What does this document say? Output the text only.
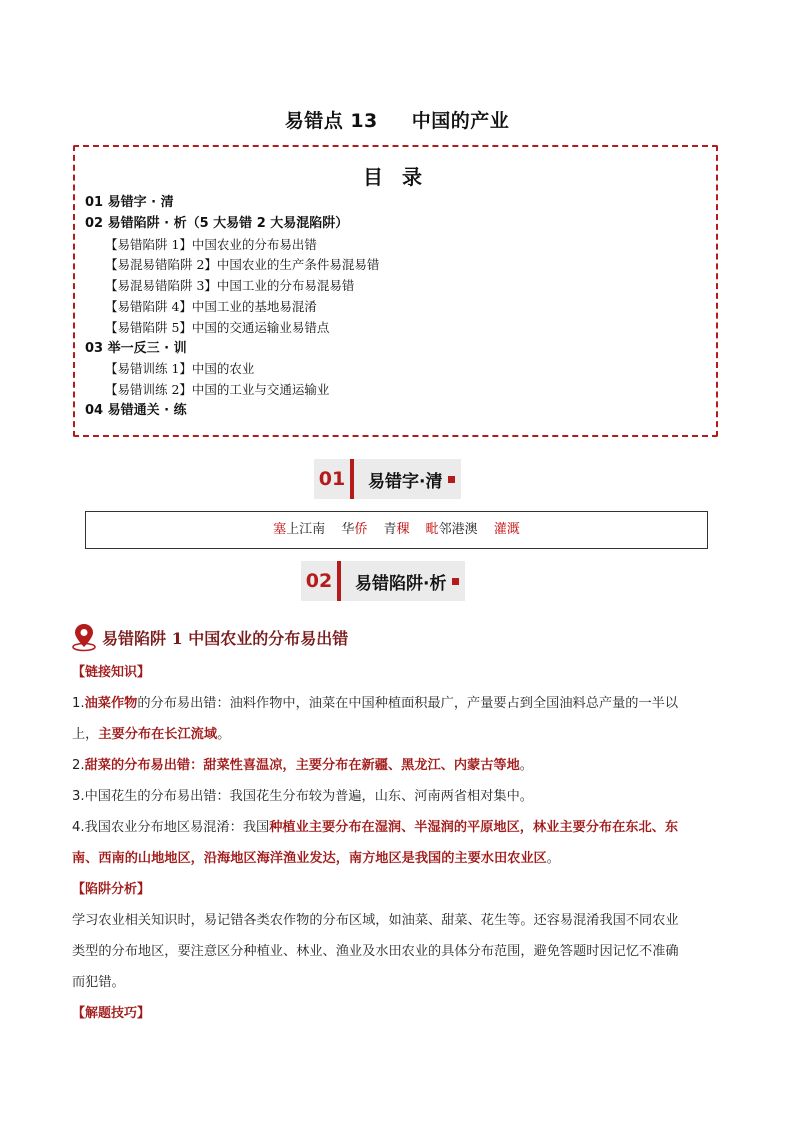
易错点 13 中国的产业
目 录
01 易错字 · 清
02 易错陷阱 · 析（5 大易错 2 大易混陷阱）
【易错陷阱 1】中国农业的分布易出错
【易混易错陷阱 2】中国农业的生产条件易混易错
【易混易错陷阱 3】中国工业的分布易混易错
【易错陷阱 4】中国工业的基地易混淆
【易错陷阱 5】中国的交通运输业易错点
03 举一反三 · 训
【易错训练 1】中国的农业
【易错训练 2】中国的工业与交通运输业
04 易错通关 · 练
01	易错字·清
塞上江南 华侨 青稞 毗邻港澳 灌溉
02	易错陷阱·析
易错陷阱 1 中国农业的分布易出错

【链接知识】

1.油菜作物的分布易出错：油料作物中，油菜在中国种植面积最广，产量要占到全国油料总产量的一半以
上，主要分布在长江流域。

2.甜菜的分布易出错：甜菜性喜温凉，主要分布在新疆、黑龙江、内蒙古等地。

3.中国花生的分布易出错：我国花生分布较为普遍，山东、河南两省相对集中。

4.我国农业分布地区易混淆：我国种植业主要分布在湿润、半湿润的平原地区，林业主要分布在东北、东
南、西南的山地地区，沿海地区海洋渔业发达，南方地区是我国的主要水田农业区。

【陷阱分析】

学习农业相关知识时，易记错各类农作物的分布区域，如油菜、甜菜、花生等。还容易混淆我国不同农业
类型的分布地区，要注意区分种植业、林业、渔业及水田农业的具体分布范围，避免答题时因记忆不准确
而犯错。

【解题技巧】
